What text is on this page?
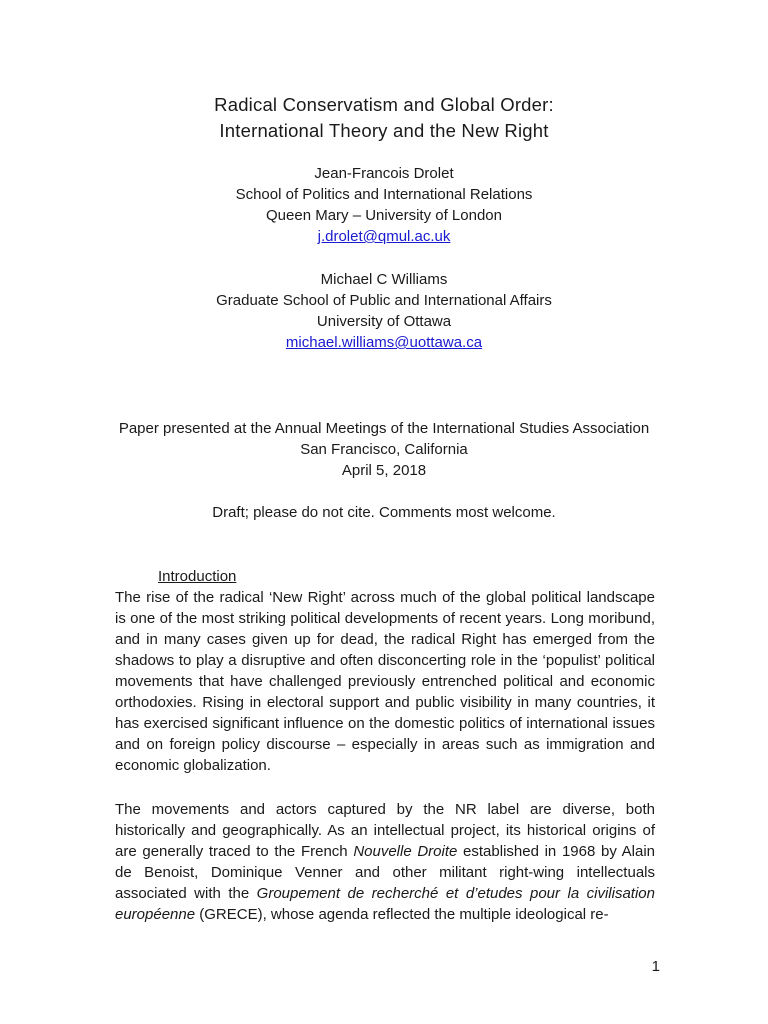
Radical Conservatism and Global Order:
International Theory and the New Right
Jean-Francois Drolet
School of Politics and International Relations
Queen Mary – University of London
j.drolet@qmul.ac.uk
Michael C Williams
Graduate School of Public and International Affairs
University of Ottawa
michael.williams@uottawa.ca
Paper presented at the Annual Meetings of the International Studies Association
San Francisco, California
April 5, 2018
Draft; please do not cite. Comments most welcome.
Introduction

The rise of the radical ‘New Right’ across much of the global political landscape is one of the most striking political developments of recent years. Long moribund, and in many cases given up for dead, the radical Right has emerged from the shadows to play a disruptive and often disconcerting role in the ‘populist’ political movements that have challenged previously entrenched political and economic orthodoxies. Rising in electoral support and public visibility in many countries, it has exercised significant influence on the domestic politics of international issues and on foreign policy discourse – especially in areas such as immigration and economic globalization.

The movements and actors captured by the NR label are diverse, both historically and geographically. As an intellectual project, its historical origins of are generally traced to the French Nouvelle Droite established in 1968 by Alain de Benoist, Dominique Venner and other militant right-wing intellectuals associated with the Groupement de recherché et d’etudes pour la civilisation européenne (GRECE), whose agenda reflected the multiple ideological re-

1
